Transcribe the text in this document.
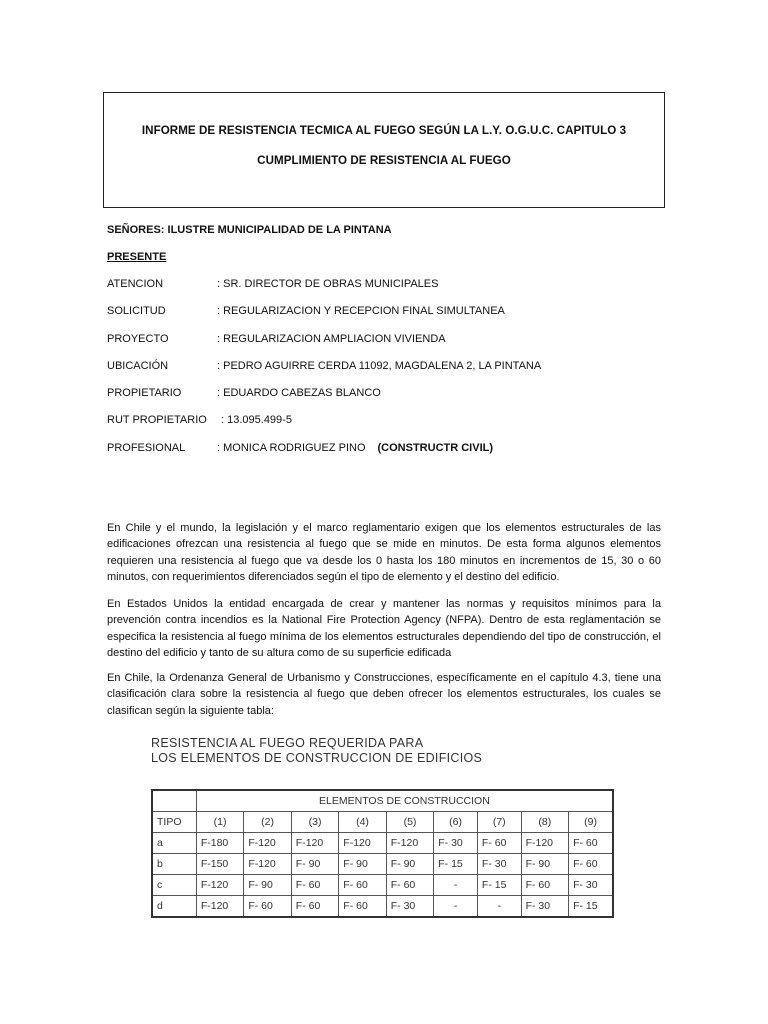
INFORME DE RESISTENCIA TECMICA AL FUEGO SEGÚN LA L.Y. O.G.U.C. CAPITULO 3
CUMPLIMIENTO DE RESISTENCIA AL FUEGO
SEÑORES: ILUSTRE MUNICIPALIDAD DE LA PINTANA
PRESENTE
ATENCION	: SR. DIRECTOR DE OBRAS MUNICIPALES
SOLICITUD	: REGULARIZACION Y RECEPCION FINAL SIMULTANEA
PROYECTO	: REGULARIZACION AMPLIACION VIVIENDA
UBICACIÓN	: PEDRO AGUIRRE CERDA 11092, MAGDALENA 2, LA PINTANA
PROPIETARIO	: EDUARDO CABEZAS BLANCO
RUT PROPIETARIO : 13.095.499-5
PROFESIONAL	: MONICA RODRIGUEZ PINO (CONSTRUCTR CIVIL)

En Chile y el mundo, la legislación y el marco reglamentario exigen que los elementos estructurales de las edificaciones ofrezcan una resistencia al fuego que se mide en minutos. De esta forma algunos elementos requieren una resistencia al fuego que va desde los 0 hasta los 180 minutos en incrementos de 15, 30 o 60 minutos, con requerimientos diferenciados según el tipo de elemento y el destino del edificio.

En Estados Unidos la entidad encargada de crear y mantener las normas y requisitos mínimos para la prevención contra incendios es la National Fire Protection Agency (NFPA). Dentro de esta reglamentación se especifica la resistencia al fuego mínima de los elementos estructurales dependiendo del tipo de construcción, el destino del edificio y tanto de su altura como de su superficie edificada

En Chile, la Ordenanza General de Urbanismo y Construcciones, específicamente en el capítulo 4.3, tiene una clasificación clara sobre la resistencia al fuego que deben ofrecer los elementos estructurales, los cuales se clasifican según la siguiente tabla:

RESISTENCIA AL FUEGO REQUERIDA PARA
LOS ELEMENTOS DE CONSTRUCCION DE EDIFICIOS
	ELEMENTOS DE CONSTRUCCION								
TIPO	(1)	(2)	(3)	(4)	(5)	(6)	(7)	(8)	(9)
a	F-180	F-120	F-120	F-120	F-120	F- 30	F- 60	F-120	F- 60
b	F-150	F-120	F- 90	F- 90	F- 90	F- 15	F- 30	F- 90	F- 60
c	F-120	F- 90	F- 60	F- 60	F- 60	-	F- 15	F- 60	F- 30
d	F-120	F- 60	F- 60	F- 60	F- 30	-	-	F- 30	F- 15
